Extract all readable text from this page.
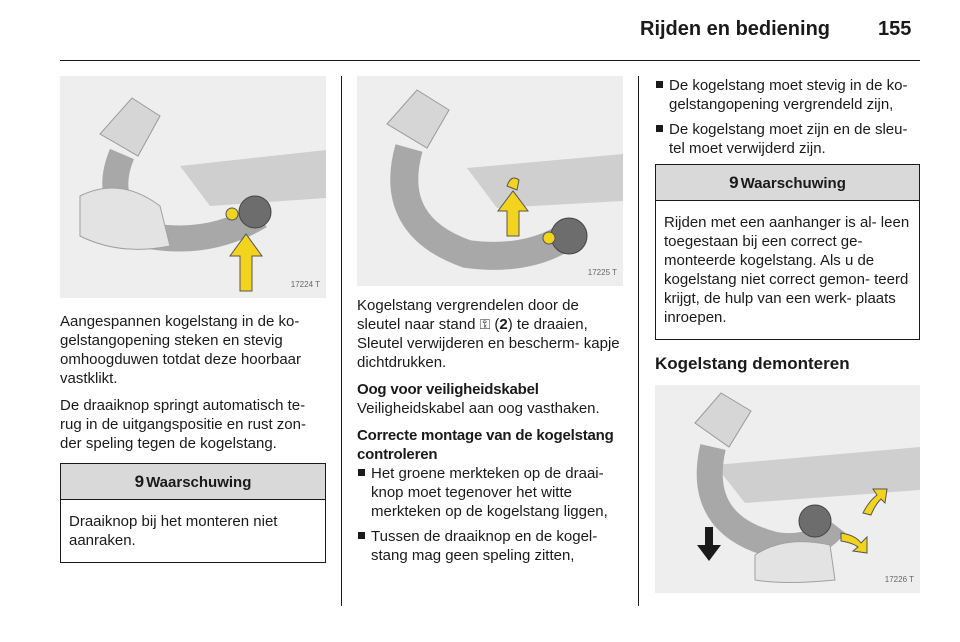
Rijden en bediening 155
17224 T

Aangespannen kogelstang in de ko- gelstangopening steken en stevig omhoogduwen totdat deze hoorbaar vastklikt.

De draaiknop springt automatisch te- rug in de uitgangspositie en rust zon- der speling tegen de kogelstang.

9 Waarschuwing
Draaiknop bij het monteren niet aanraken.
17225 T

Kogelstang vergrendelen door de sleutel naar stand ⚿ (2) te draaien, Sleutel verwijderen en bescherm- kapje dichtdrukken.

Oog voor veiligheidskabel

Veiligheidskabel aan oog vasthaken.

Correcte montage van de kogelstang controleren

Het groene merkteken op de draai- knop moet tegenover het witte merkteken op de kogelstang liggen,
Tussen de draaiknop en de kogel- stang mag geen speling zitten,
De kogelstang moet stevig in de ko- gelstangopening vergrendeld zijn,
De kogelstang moet zijn en de sleu- tel moet verwijderd zijn.
9 Waarschuwing
Rijden met een aanhanger is al- leen toegestaan bij een correct ge- monteerde kogelstang. Als u de kogelstang niet correct gemon- teerd krijgt, de hulp van een werk- plaats inroepen.
Kogelstang demonteren
17226 T
